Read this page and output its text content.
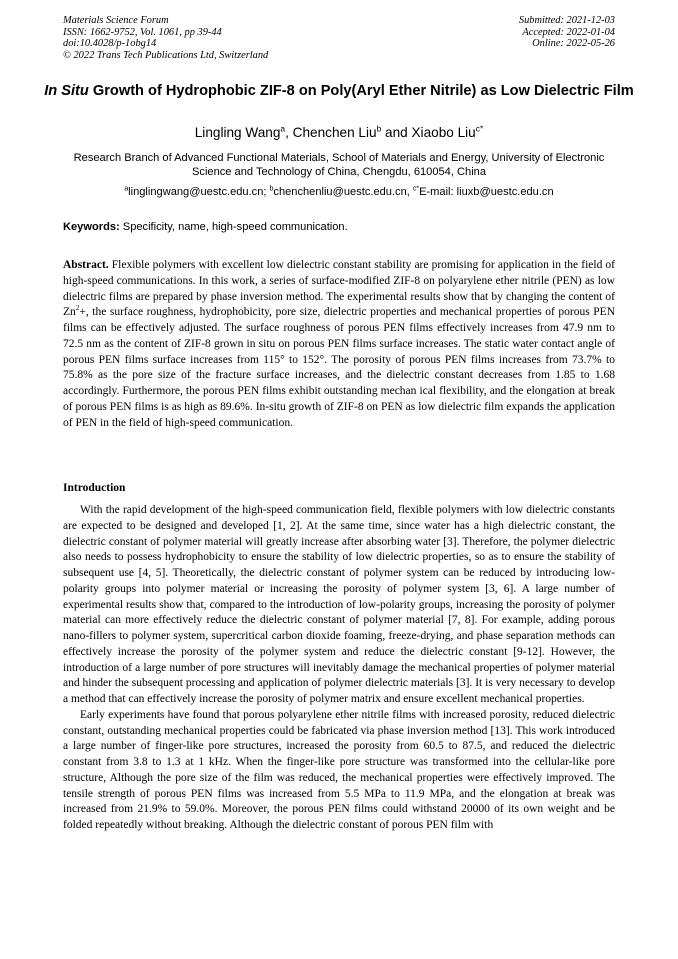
Materials Science Forum
ISSN: 1662-9752, Vol. 1061, pp 39-44
doi:10.4028/p-1obg14
© 2022 Trans Tech Publications Ltd, Switzerland
Submitted: 2021-12-03
Accepted: 2022-01-04
Online: 2022-05-26
In Situ Growth of Hydrophobic ZIF-8 on Poly(Aryl Ether Nitrile) as Low Dielectric Film
Lingling Wang$^a$, Chenchen Liu$^b$ and Xiaobo Liu$^{c*}$
Research Branch of Advanced Functional Materials, School of Materials and Energy, University of Electronic Science and Technology of China, Chengdu, 610054, China
$^a$linglingwang@uestc.edu.cn; $^b$chenchenliu@uestc.edu.cn, $^{c*}$E-mail: liuxb@uestc.edu.cn
Keywords: Specificity, name, high-speed communication.
Abstract. Flexible polymers with excellent low dielectric constant stability are promising for application in the field of high-speed communications. In this work, a series of surface-modified ZIF-8 on polyarylene ether nitrile (PEN) as low dielectric films are prepared by phase inversion method. The experimental results show that by changing the content of $Zn^2+$, the surface roughness, hydrophobicity, pore size, dielectric properties and mechanical properties of porous PEN films can be effectively adjusted. The surface roughness of porous PEN films effectively increases from 47.9 nm to 72.5 nm as the content of ZIF-8 grown in situ on porous PEN films surface increases. The static water contact angle of porous PEN films surface increases from 115° to 152°. The porosity of porous PEN films increases from 73.7% to 75.8% as the pore size of the fracture surface increases, and the dielectric constant decreases from 1.85 to 1.68 accordingly. Furthermore, the porous PEN films exhibit outstanding mechan ical flexibility, and the elongation at break of porous PEN films is as high as 89.6%. In-situ growth of ZIF-8 on PEN as low dielectric film expands the application of PEN in the field of high-speed communication.
Introduction

With the rapid development of the high-speed communication field, flexible polymers with low dielectric constants are expected to be designed and developed [1, 2]. At the same time, since water has a high dielectric constant, the dielectric constant of polymer material will greatly increase after absorbing water [3]. Therefore, the polymer dielectric also needs to possess hydrophobicity to ensure the stability of low dielectric properties, so as to ensure the stability of subsequent use [4, 5]. Theoretically, the dielectric constant of polymer system can be reduced by introducing low-polarity groups into polymer material or increasing the porosity of polymer system [3, 6]. A large number of experimental results show that, compared to the introduction of low-polarity groups, increasing the porosity of polymer material can more effectively reduce the dielectric constant of polymer material [7, 8]. For example, adding porous nano-fillers to polymer system, supercritical carbon dioxide foaming, freeze-drying, and phase separation methods can effectively increase the porosity of the polymer system and reduce the dielectric constant [9-12]. However, the introduction of a large number of pore structures will inevitably damage the mechanical properties of polymer material and hinder the subsequent processing and application of polymer dielectric materials [3]. It is very necessary to develop a method that can effectively increase the porosity of polymer matrix and ensure excellent mechanical properties.

Early experiments have found that porous polyarylene ether nitrile films with increased porosity, reduced dielectric constant, outstanding mechanical properties could be fabricated via phase inversion method [13]. This work introduced a large number of finger-like pore structures, increased the porosity from 60.5 to 87.5, and reduced the dielectric constant from 3.8 to 1.3 at 1 kHz. When the finger-like pore structure was transformed into the cellular-like pore structure, Although the pore size of the film was reduced, the mechanical properties were effectively improved. The tensile strength of porous PEN films was increased from 5.5 MPa to 11.9 MPa, and the elongation at break was increased from 21.9% to 59.0%. Moreover, the porous PEN films could withstand 20000 of its own weight and be folded repeatedly without breaking. Although the dielectric constant of porous PEN film with
